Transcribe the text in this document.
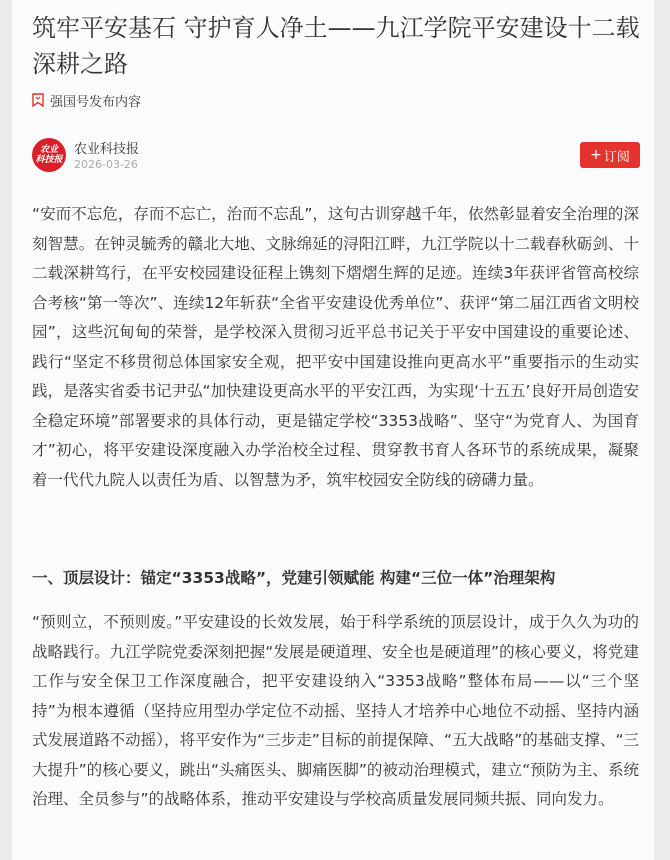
筑牢平安基石 守护育人净土——九江学院平安建设十二载深耕之路
强国号发布内容
农业
科技报
农业科技报
2026-03-26
+ 订阅

“安而不忘危，存而不忘亡，治而不忘乱”，这句古训穿越千年，依然彰显着安全治理的深刻智慧。在钟灵毓秀的赣北大地、文脉绵延的浔阳江畔，九江学院以十二载春秋砺剑、十二载深耕笃行，在平安校园建设征程上镌刻下熠熠生辉的足迹。连续3年获评省管高校综合考核“第一等次”、连续12年斩获“全省平安建设优秀单位”、获评“第二届江西省文明校园”，这些沉甸甸的荣誉，是学校深入贯彻习近平总书记关于平安中国建设的重要论述、践行“坚定不移贯彻总体国家安全观，把平安中国建设推向更高水平”重要指示的生动实践，是落实省委书记尹弘“加快建设更高水平的平安江西，为实现‘十五五’良好开局创造安全稳定环境”部署要求的具体行动，更是锚定学校“3353战略”、坚守“为党育人、为国育才”初心，将平安建设深度融入办学治校全过程、贯穿教书育人各环节的系统成果，凝聚着一代代九院人以责任为盾、以智慧为矛，筑牢校园安全防线的磅礴力量。

一、顶层设计：锚定“3353战略”，党建引领赋能 构建“三位一体”治理架构

“预则立，不预则废。”平安建设的长效发展，始于科学系统的顶层设计，成于久久为功的战略践行。九江学院党委深刻把握“发展是硬道理、安全也是硬道理”的核心要义，将党建工作与安全保卫工作深度融合，把平安建设纳入“3353战略”整体布局——以“三个坚持”为根本遵循（坚持应用型办学定位不动摇、坚持人才培养中心地位不动摇、坚持内涵式发展道路不动摇），将平安作为“三步走”目标的前提保障、“五大战略”的基础支撑、“三大提升”的核心要义，跳出“头痛医头、脚痛医脚”的被动治理模式，建立“预防为主、系统治理、全员参与”的战略体系，推动平安建设与学校高质量发展同频共振、同向发力。
